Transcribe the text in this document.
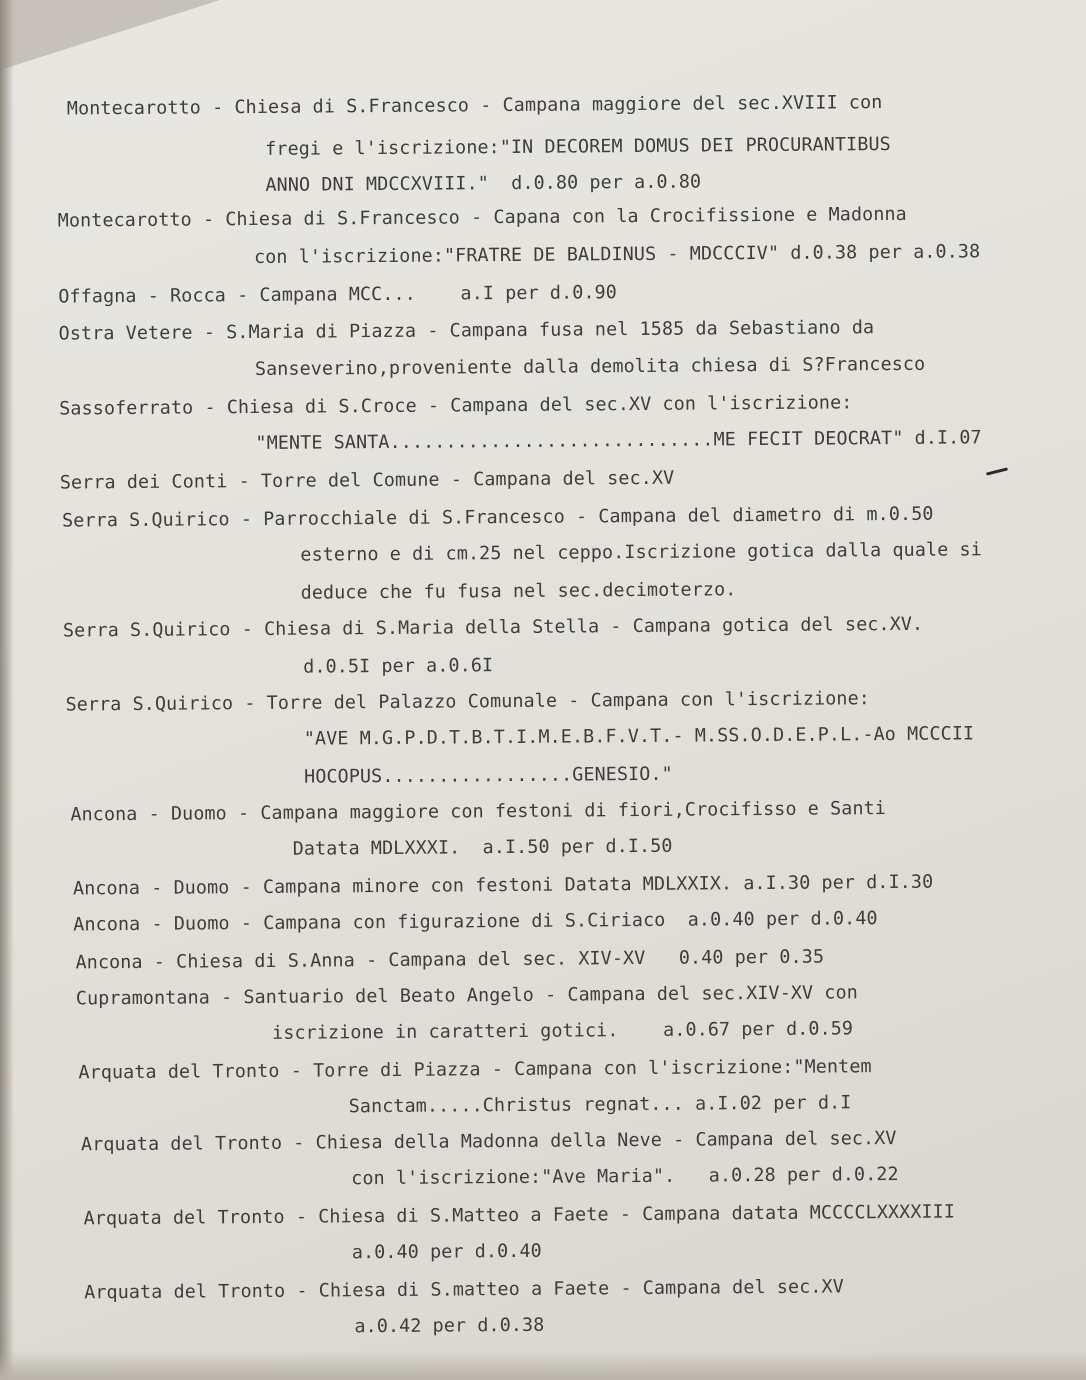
Montecarotto - Chiesa di S.Francesco - Campana maggiore del sec.XVIII con
fregi e l'iscrizione:"IN DECOREM DOMUS DEI PROCURANTIBUS
ANNO DNI MDCCXVIII."  d.0.80 per a.0.80
Montecarotto - Chiesa di S.Francesco - Capana con la Crocifissione e Madonna
con l'iscrizione:"FRATRE DE BALDINUS - MDCCCIV" d.0.38 per a.0.38
Offagna - Rocca - Campana MCC...    a.I per d.0.90
Ostra Vetere - S.Maria di Piazza - Campana fusa nel 1585 da Sebastiano da
Sanseverino,proveniente dalla demolita chiesa di S?Francesco
Sassoferrato - Chiesa di S.Croce - Campana del sec.XV con l'iscrizione:
"MENTE SANTA.............................ME FECIT DEOCRAT" d.I.07
Serra dei Conti - Torre del Comune - Campana del sec.XV
Serra S.Quirico - Parrocchiale di S.Francesco - Campana del diametro di m.0.50
esterno e di cm.25 nel ceppo.Iscrizione gotica dalla quale si
deduce che fu fusa nel sec.decimoterzo.
Serra S.Quirico - Chiesa di S.Maria della Stella - Campana gotica del sec.XV.
d.0.5I per a.0.6I
Serra S.Quirico - Torre del Palazzo Comunale - Campana con l'iscrizione:
"AVE M.G.P.D.T.B.T.I.M.E.B.F.V.T.- M.SS.O.D.E.P.L.-Ao MCCCII
HOCOPUS.................GENESIO."
Ancona - Duomo - Campana maggiore con festoni di fiori,Crocifisso e Santi
Datata MDLXXXI.  a.I.50 per d.I.50
Ancona - Duomo - Campana minore con festoni Datata MDLXXIX. a.I.30 per d.I.30
Ancona - Duomo - Campana con figurazione di S.Ciriaco  a.0.40 per d.0.40
Ancona - Chiesa di S.Anna - Campana del sec. XIV-XV   0.40 per 0.35
Cupramontana - Santuario del Beato Angelo - Campana del sec.XIV-XV con
iscrizione in caratteri gotici.    a.0.67 per d.0.59
Arquata del Tronto - Torre di Piazza - Campana con l'iscrizione:"Mentem
Sanctam.....Christus regnat... a.I.02 per d.I
Arquata del Tronto - Chiesa della Madonna della Neve - Campana del sec.XV
con l'iscrizione:"Ave Maria".   a.0.28 per d.0.22
Arquata del Tronto - Chiesa di S.Matteo a Faete - Campana datata MCCCCLXXXXIII
a.0.40 per d.0.40
Arquata del Tronto - Chiesa di S.matteo a Faete - Campana del sec.XV
a.0.42 per d.0.38
